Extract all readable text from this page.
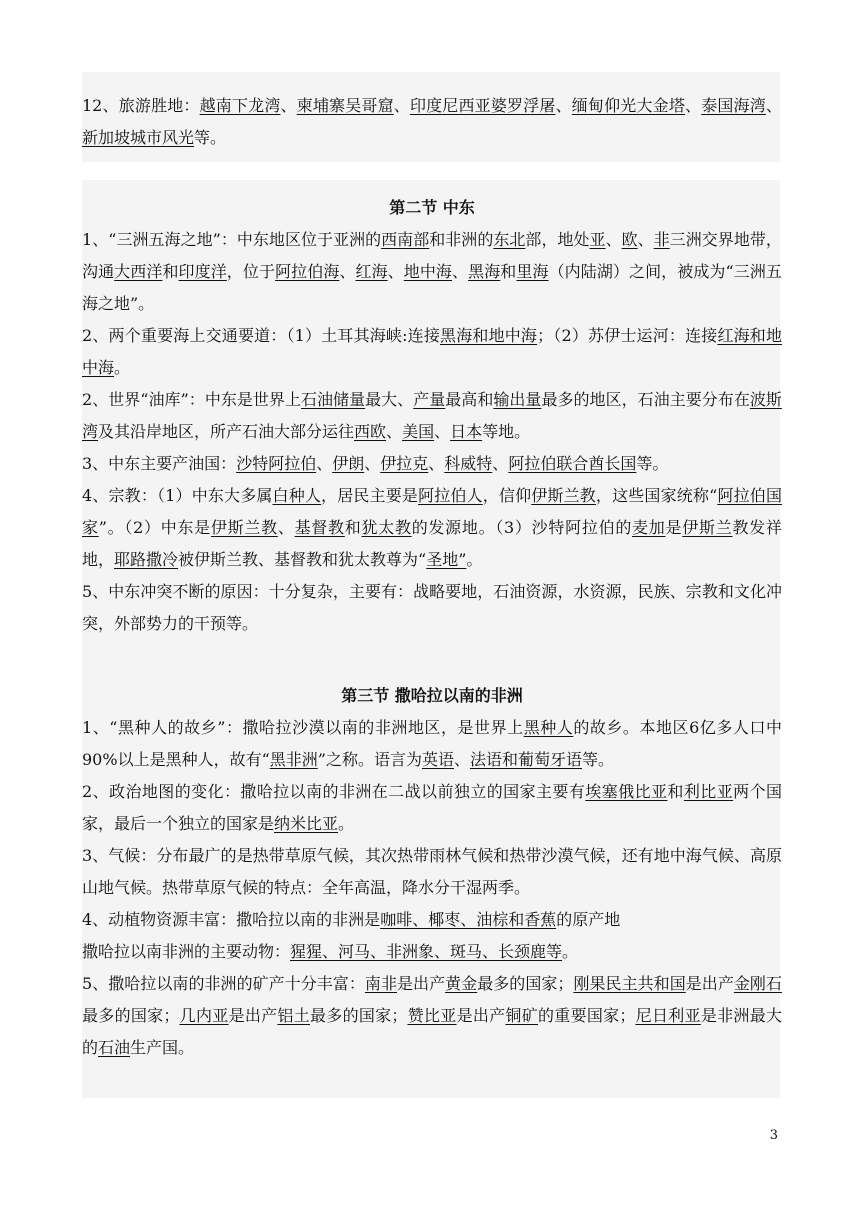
12、旅游胜地：越南下龙湾、柬埔寨吴哥窟、印度尼西亚婆罗浮屠、缅甸仰光大金塔、泰国海湾、新加坡城市风光等。

第二节 中东

1、“三洲五海之地”：中东地区位于亚洲的西南部和非洲的东北部，地处亚、欧、非三洲交界地带，沟通大西洋和印度洋，位于阿拉伯海、红海、地中海、黑海和里海（内陆湖）之间，被成为“三洲五海之地”。

2、两个重要海上交通要道：（1）土耳其海峡:连接黑海和地中海；（2）苏伊士运河：连接红海和地中海。

2、世界“油库”：中东是世界上石油储量最大、产量最高和输出量最多的地区，石油主要分布在波斯湾及其沿岸地区，所产石油大部分运往西欧、美国、日本等地。

3、中东主要产油国：沙特阿拉伯、伊朗、伊拉克、科威特、阿拉伯联合酋长国等。

4、宗教：（1）中东大多属白种人，居民主要是阿拉伯人，信仰伊斯兰教，这些国家统称“阿拉伯国家”。（2）中东是伊斯兰教、基督教和犹太教的发源地。（3）沙特阿拉伯的麦加是伊斯兰教发祥地，耶路撒冷被伊斯兰教、基督教和犹太教尊为“圣地”。

5、中东冲突不断的原因：十分复杂，主要有：战略要地，石油资源，水资源，民族、宗教和文化冲突，外部势力的干预等。

第三节 撒哈拉以南的非洲

1、“黑种人的故乡”：撒哈拉沙漠以南的非洲地区，是世界上黑种人的故乡。本地区6亿多人口中90%以上是黑种人，故有“黑非洲”之称。语言为英语、法语和葡萄牙语等。

2、政治地图的变化：撒哈拉以南的非洲在二战以前独立的国家主要有埃塞俄比亚和利比亚两个国家，最后一个独立的国家是纳米比亚。

3、气候：分布最广的是热带草原气候，其次热带雨林气候和热带沙漠气候，还有地中海气候、高原山地气候。热带草原气候的特点：全年高温，降水分干湿两季。

4、动植物资源丰富：撒哈拉以南的非洲是咖啡、椰枣、油棕和香蕉的原产地

撒哈拉以南非洲的主要动物：猩猩、河马、非洲象、斑马、长颈鹿等。

5、撒哈拉以南的非洲的矿产十分丰富：南非是出产黄金最多的国家；刚果民主共和国是出产金刚石最多的国家；几内亚是出产铝土最多的国家；赞比亚是出产铜矿的重要国家；尼日利亚是非洲最大的石油生产国。

3
